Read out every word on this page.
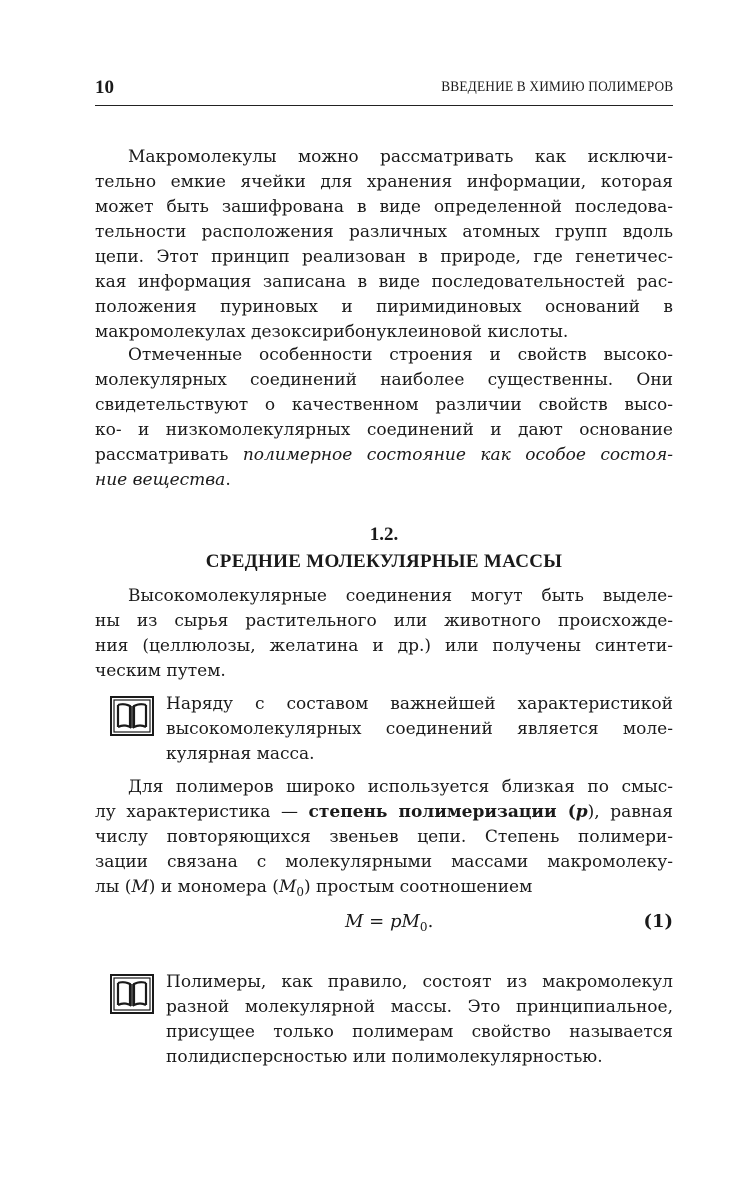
10	ВВЕДЕНИЕ В ХИМИЮ ПОЛИМЕРОВ
Макромолекулы можно рассматривать как исключи-
тельно емкие ячейки для хранения информации, которая
может быть зашифрована в виде определенной последова-
тельности расположения различных атомных групп вдоль
цепи. Этот принцип реализован в природе, где генетичес-
кая информация записана в виде последовательностей рас-
положения пуриновых и пиримидиновых оснований в
макромолекулах дезоксирибонуклеиновой кислоты.
Отмеченные особенности строения и свойств высоко-
молекулярных соединений наиболее существенны. Они
свидетельствуют о качественном различии свойств высо-
ко- и низкомолекулярных соединений и дают основание
рассматривать полимерное состояние как особое состоя-
ние вещества.
1.2.
СРЕДНИЕ МОЛЕКУЛЯРНЫЕ МАССЫ
Высокомолекулярные соединения могут быть выделе-
ны из сырья растительного или животного происхожде-
ния (целлюлозы, желатина и др.) или получены синтети-
ческим путем.
Наряду с составом важнейшей характеристикой
высокомолекулярных соединений является моле-
кулярная масса.
Для полимеров широко используется близкая по смыс-
лу характеристика — степень полимеризации (p), равная
числу повторяющихся звеньев цепи. Степень полимери-
зации связана с молекулярными массами макромолеку-
лы (M) и мономера $(M_0)$ простым соотношением
$M = pM_0$.	(1)
Полимеры, как правило, состоят из макромолекул
разной молекулярной массы. Это принципиальное,
присущее только полимерам свойство называется
полидисперсностью или полимолекулярностью.
